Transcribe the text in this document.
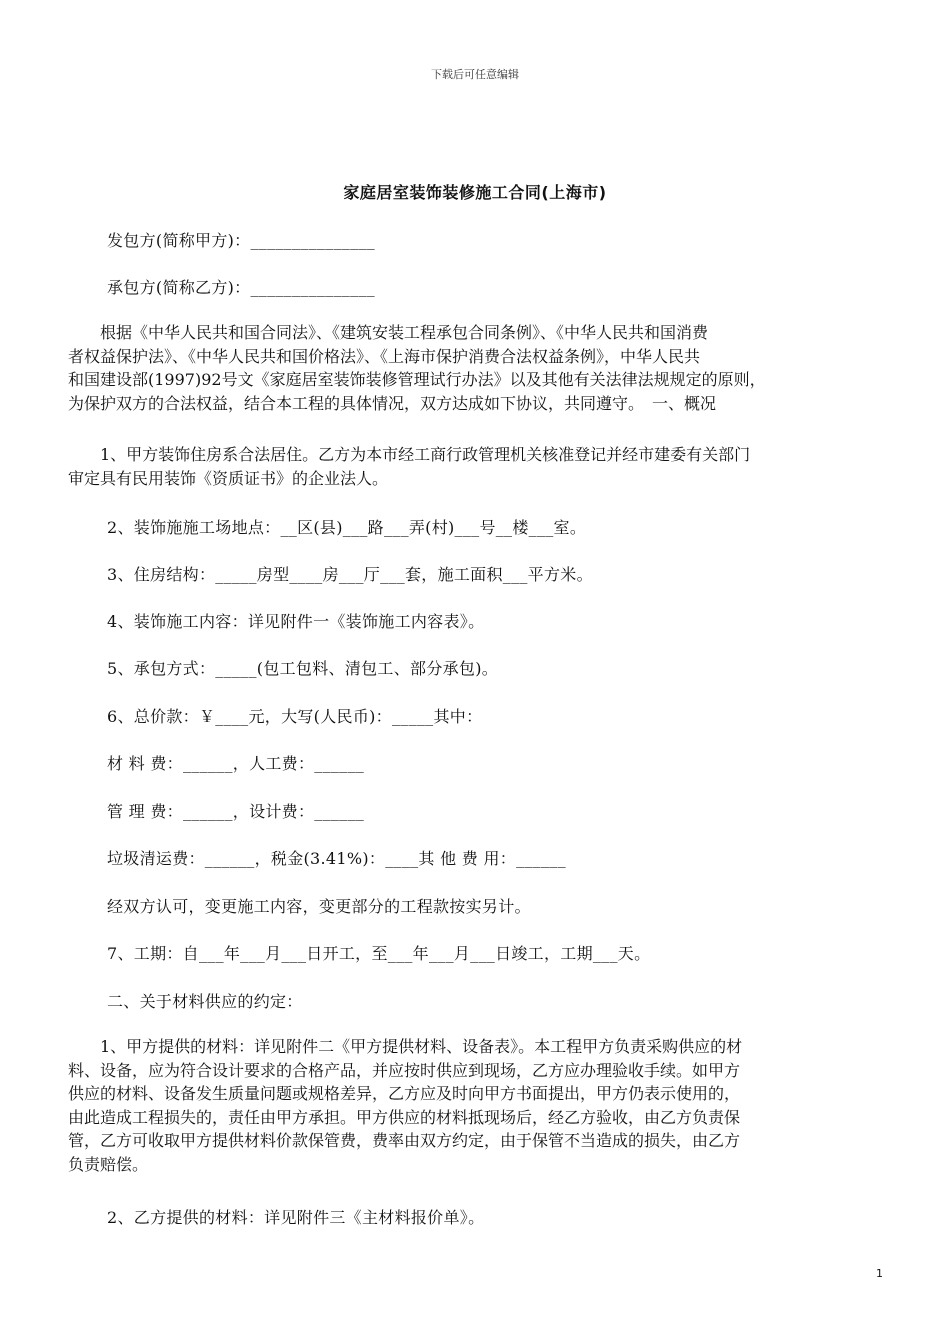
下载后可任意编辑
家庭居室装饰装修施工合同(上海市)
发包方(简称甲方)：_______________
承包方(简称乙方)：_______________
　　根据《中华人民共和国合同法》、《建筑安装工程承包合同条例》、《中华人民共和国消费
者权益保护法》、《中华人民共和国价格法》、《上海市保护消费合法权益条例》，中华人民共
和国建设部(1997)92号文《家庭居室装饰装修管理试行办法》以及其他有关法律法规规定的原则，
为保护双方的合法权益，结合本工程的具体情况，双方达成如下协议，共同遵守。　一、概况
　　1、甲方装饰住房系合法居住。乙方为本市经工商行政管理机关核准登记并经市建委有关部门
审定具有民用装饰《资质证书》的企业法人。
2、装饰施施工场地点：__区(县)___路___弄(村)___号__楼___室。
3、住房结构：_____房型____房___厅___套，施工面积___平方米。
4、装饰施工内容：详见附件一《装饰施工内容表》。
5、承包方式：_____(包工包料、清包工、部分承包)。
6、总价款：￥____元，大写(人民币)：_____其中：
材 料 费：______，人工费：______
管 理 费：______，设计费：______
垃圾清运费：______，税金(3.41%)：____其 他 费 用：______
经双方认可，变更施工内容，变更部分的工程款按实另计。
7、工期：自___年___月___日开工，至___年___月___日竣工，工期___天。
二、关于材料供应的约定：
　　1、甲方提供的材料：详见附件二《甲方提供材料、设备表》。本工程甲方负责采购供应的材
料、设备，应为符合设计要求的合格产品，并应按时供应到现场，乙方应办理验收手续。如甲方
供应的材料、设备发生质量问题或规格差异，乙方应及时向甲方书面提出，甲方仍表示使用的，
由此造成工程损失的，责任由甲方承担。甲方供应的材料抵现场后，经乙方验收，由乙方负责保
管，乙方可收取甲方提供材料价款保管费，费率由双方约定，由于保管不当造成的损失，由乙方
负责赔偿。
2、乙方提供的材料：详见附件三《主材料报价单》。
1
